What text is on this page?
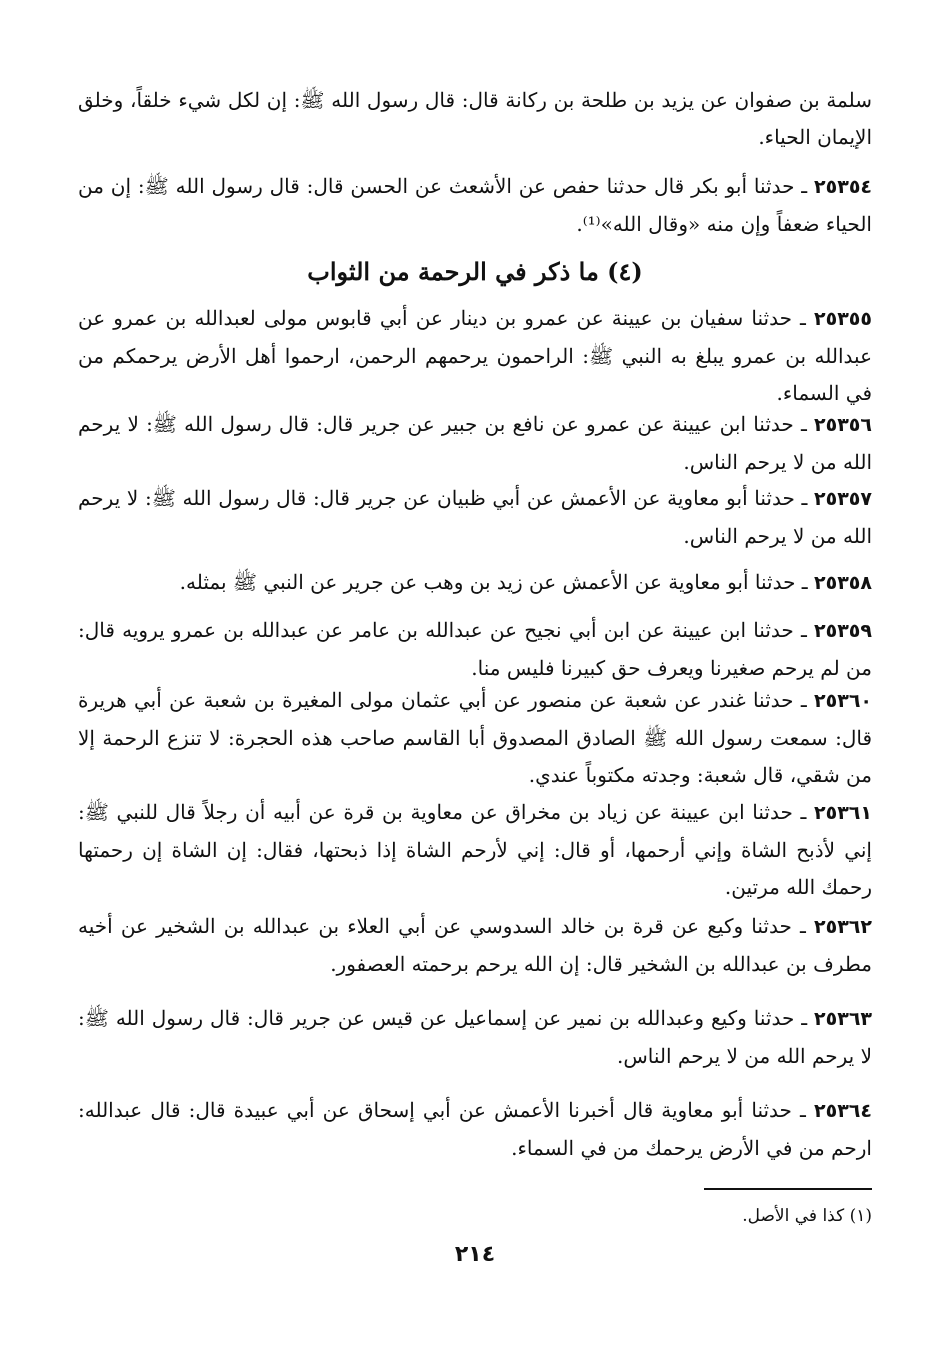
سلمة بن صفوان عن يزيد بن طلحة بن ركانة قال: قال رسول الله ﷺ: إن لكل شيء خلقاً، وخلق الإيمان الحياء.

٢٥٣٥٤ ـ حدثنا أبو بكر قال حدثنا حفص عن الأشعث عن الحسن قال: قال رسول الله ﷺ: إن من الحياء ضعفاً وإن منه «وقال الله»⁽¹⁾.

(٤) ما ذكر في الرحمة من الثواب

٢٥٣٥٥ ـ حدثنا سفيان بن عيينة عن عمرو بن دينار عن أبي قابوس مولى لعبدالله بن عمرو عن عبدالله بن عمرو يبلغ به النبي ﷺ: الراحمون يرحمهم الرحمن، ارحموا أهل الأرض يرحمكم من في السماء.

٢٥٣٥٦ ـ حدثنا ابن عيينة عن عمرو عن نافع بن جبير عن جرير قال: قال رسول الله ﷺ: لا يرحم الله من لا يرحم الناس.

٢٥٣٥٧ ـ حدثنا أبو معاوية عن الأعمش عن أبي ظبيان عن جرير قال: قال رسول الله ﷺ: لا يرحم الله من لا يرحم الناس.

٢٥٣٥٨ ـ حدثنا أبو معاوية عن الأعمش عن زيد بن وهب عن جرير عن النبي ﷺ بمثله.

٢٥٣٥٩ ـ حدثنا ابن عيينة عن ابن أبي نجيح عن عبدالله بن عامر عن عبدالله بن عمرو يرويه قال: من لم يرحم صغيرنا ويعرف حق كبيرنا فليس منا.

٢٥٣٦٠ ـ حدثنا غندر عن شعبة عن منصور عن أبي عثمان مولى المغيرة بن شعبة عن أبي هريرة قال: سمعت رسول الله ﷺ الصادق المصدوق أبا القاسم صاحب هذه الحجرة: لا تنزع الرحمة إلا من شقي، قال شعبة: وجدته مكتوباً عندي.

٢٥٣٦١ ـ حدثنا ابن عيينة عن زياد بن مخراق عن معاوية بن قرة عن أبيه أن رجلاً قال للنبي ﷺ: إني لأذبح الشاة وإني أرحمها، أو قال: إني لأرحم الشاة إذا ذبحتها، فقال: إن الشاة إن رحمتها رحمك الله مرتين.

٢٥٣٦٢ ـ حدثنا وكيع عن قرة بن خالد السدوسي عن أبي العلاء بن عبدالله بن الشخير عن أخيه مطرف بن عبدالله بن الشخير قال: إن الله يرحم برحمته العصفور.

٢٥٣٦٣ ـ حدثنا وكيع وعبدالله بن نمير عن إسماعيل عن قيس عن جرير قال: قال رسول الله ﷺ: لا يرحم الله من لا يرحم الناس.

٢٥٣٦٤ ـ حدثنا أبو معاوية قال أخبرنا الأعمش عن أبي إسحاق عن أبي عبيدة قال: قال عبدالله: ارحم من في الأرض يرحمك من في السماء.

(١) كذا في الأصل.

٢١٤
